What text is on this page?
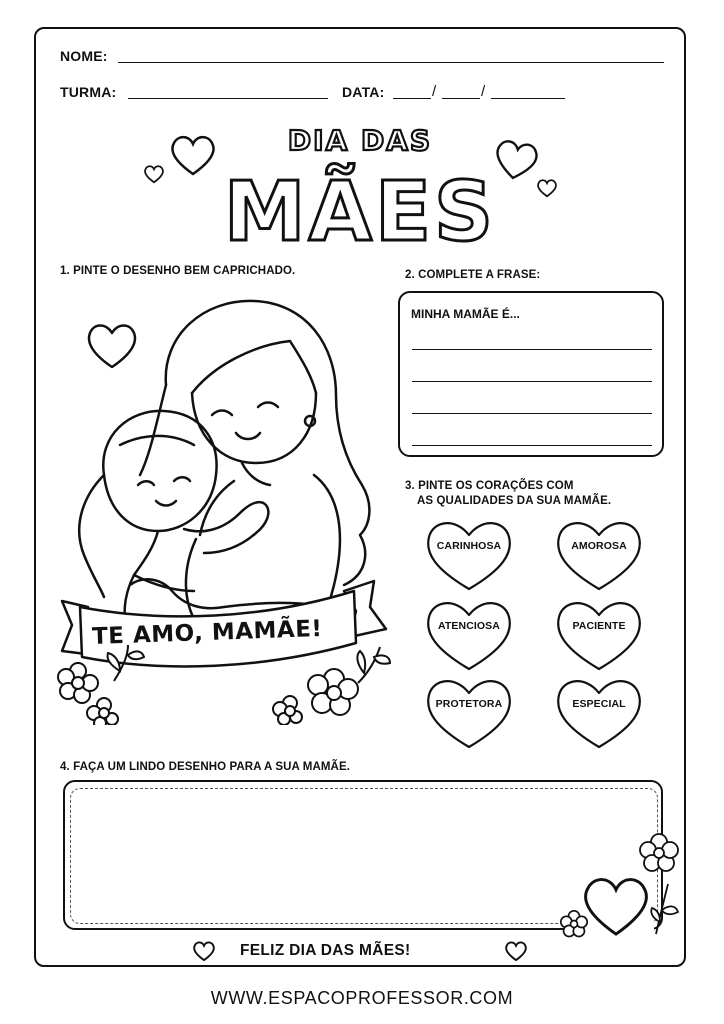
NOME:
TURMA:	DATA:	/	/
DIA DAS
MÃES
1. PINTE O DESENHO BEM CAPRICHADO.
TE AMO, MAMÃE!
2. COMPLETE A FRASE:
MINHA MAMÃE É...
3. PINTE OS CORAÇÕES COM
AS QUALIDADES DA SUA MAMÃE.
CARINHOSA	AMOROSA
ATENCIOSA	PACIENTE
PROTETORA	ESPECIAL
4. FAÇA UM LINDO DESENHO PARA A SUA MAMÃE.
FELIZ DIA DAS MÃES!
WWW.ESPACOPROFESSOR.COM
